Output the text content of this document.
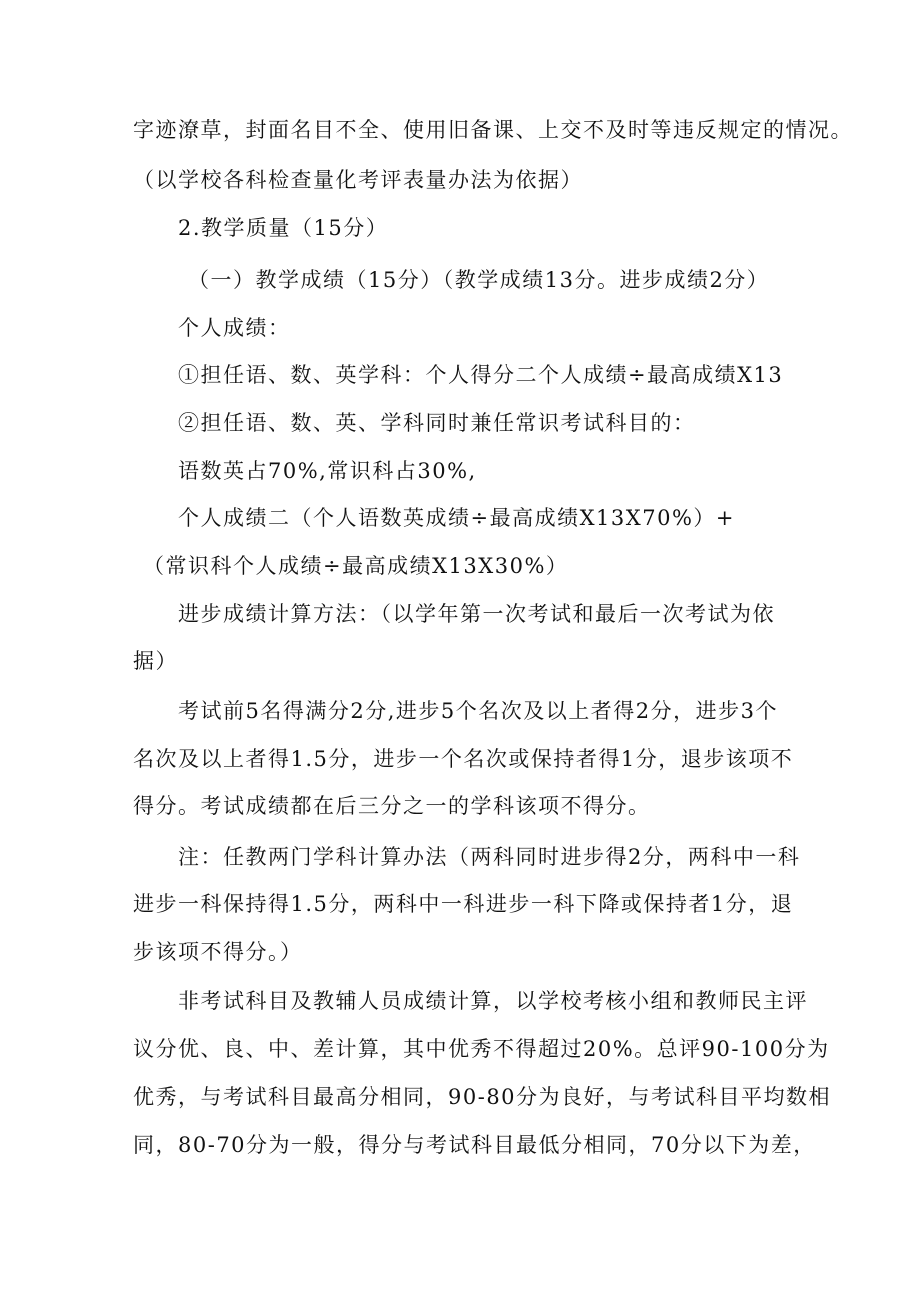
字迹潦草，封面名目不全、使用旧备课、上交不及时等违反规定的情况。
（以学校各科检查量化考评表量办法为依据）
2.教学质量（15分）
（一）教学成绩（15分）（教学成绩13分。进步成绩2分）
个人成绩：
①担任语、数、英学科：个人得分二个人成绩÷最高成绩X13
②担任语、数、英、学科同时兼任常识考试科目的：
语数英占70%,常识科占30%,
个人成绩二（个人语数英成绩÷最高成绩X13X70%）+
（常识科个人成绩÷最高成绩X13X30%）
进步成绩计算方法：（以学年第一次考试和最后一次考试为依
据）
考试前5名得满分2分,进步5个名次及以上者得2分，进步3个
名次及以上者得1.5分，进步一个名次或保持者得1分，退步该项不
得分。考试成绩都在后三分之一的学科该项不得分。
注：任教两门学科计算办法（两科同时进步得2分，两科中一科
进步一科保持得1.5分，两科中一科进步一科下降或保持者1分，退
步该项不得分。）
非考试科目及教辅人员成绩计算，以学校考核小组和教师民主评
议分优、良、中、差计算，其中优秀不得超过20%。总评90-100分为
优秀，与考试科目最高分相同，90-80分为良好，与考试科目平均数相
同，80-70分为一般，得分与考试科目最低分相同，70分以下为差，
